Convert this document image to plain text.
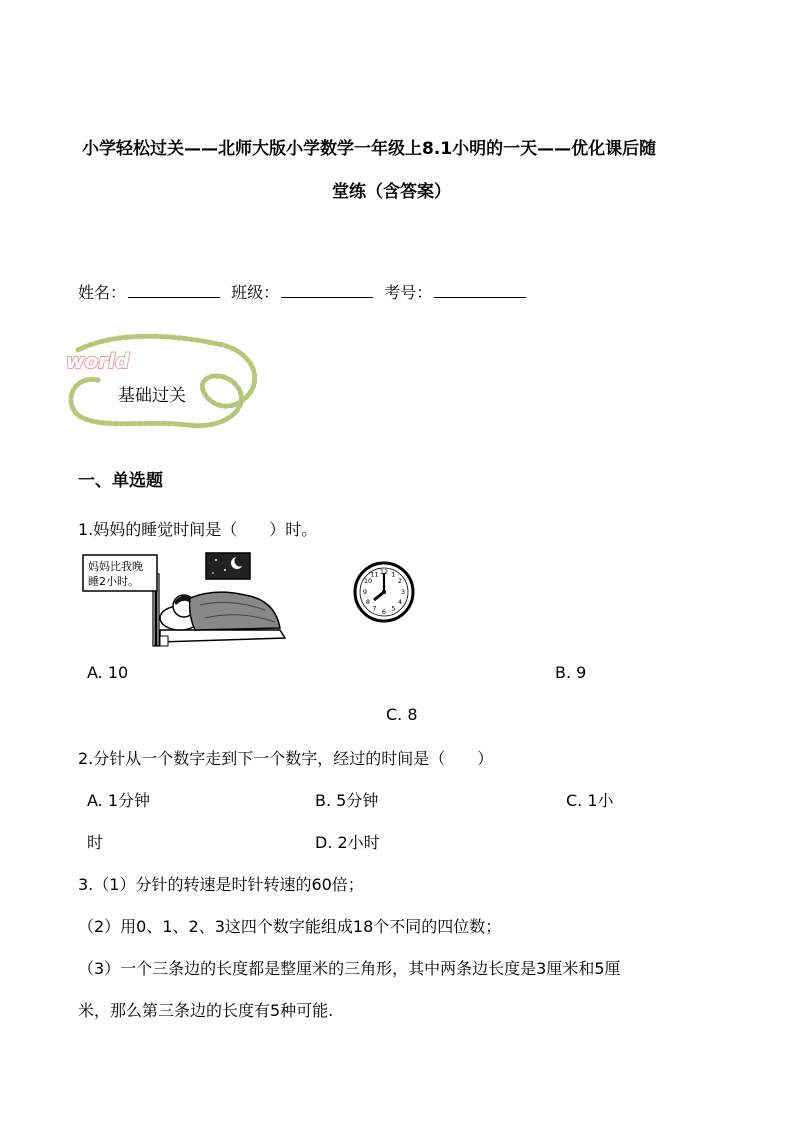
小学轻松过关——北师大版小学数学一年级上8.1小明的一天——优化课后随
堂练（含答案）
姓名：	班级：	考号：
world
基础过关
一、单选题
1.妈妈的睡觉时间是（　　）时。
妈妈比我晚
睡2小时。
12 1
2
3
4
5
6
7
8
9
10
11
A. 10	B. 9
C. 8
2.分针从一个数字走到下一个数字，经过的时间是（　　）
A. 1分钟	B. 5分钟	C. 1小
时	D. 2小时
3.（1）分针的转速是时针转速的60倍；
（2）用0、1、2、3这四个数字能组成18个不同的四位数；
（3）一个三条边的长度都是整厘米的三角形，其中两条边长度是3厘米和5厘
米，那么第三条边的长度有5种可能.
